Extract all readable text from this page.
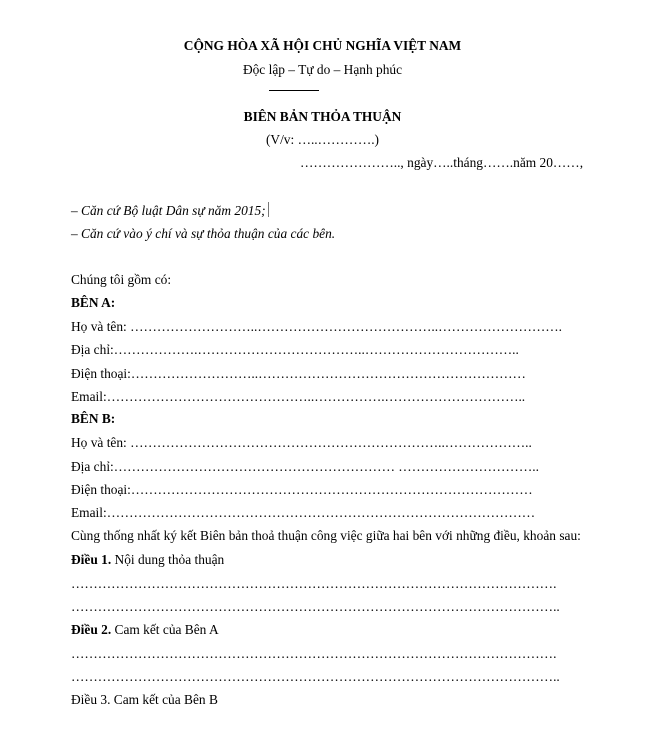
CỘNG HÒA XÃ HỘI CHỦ NGHĨA VIỆT NAM
Độc lập – Tự do – Hạnh phúc
BIÊN BẢN THỎA THUẬN
(V/v: …..………….)
………………….., ngày…..tháng…….năm 20……,
– Căn cứ Bộ luật Dân sự năm 2015;
– Căn cứ vào ý chí và sự thỏa thuận của các bên.
Chúng tôi gồm có:
BÊN A:
Họ và tên: ………………………..…………………………………..……………………….
Địa chỉ:……………….………………………………..……………………………..
Điện thoại:………………………..……………………………………………………
Email:………………………………………..…………….…………………………..
BÊN B:
Họ và tên: ……………………………………………………………..………………..
Địa chỉ:……………………………………………………… …………………………..
Điện thoại:………………………………………………………………………………
Email:……………………………………………………………………………………
Cùng thống nhất ký kết Biên bản thoả thuận công việc giữa hai bên với những điều, khoản sau:
Điều 1. Nội dung thỏa thuận
……………………………………………………………………………………………….
………………………………………………………………………………………………..
Điều 2. Cam kết của Bên A
……………………………………………………………………………………………….
………………………………………………………………………………………………..
Điều 3. Cam kết của Bên B
